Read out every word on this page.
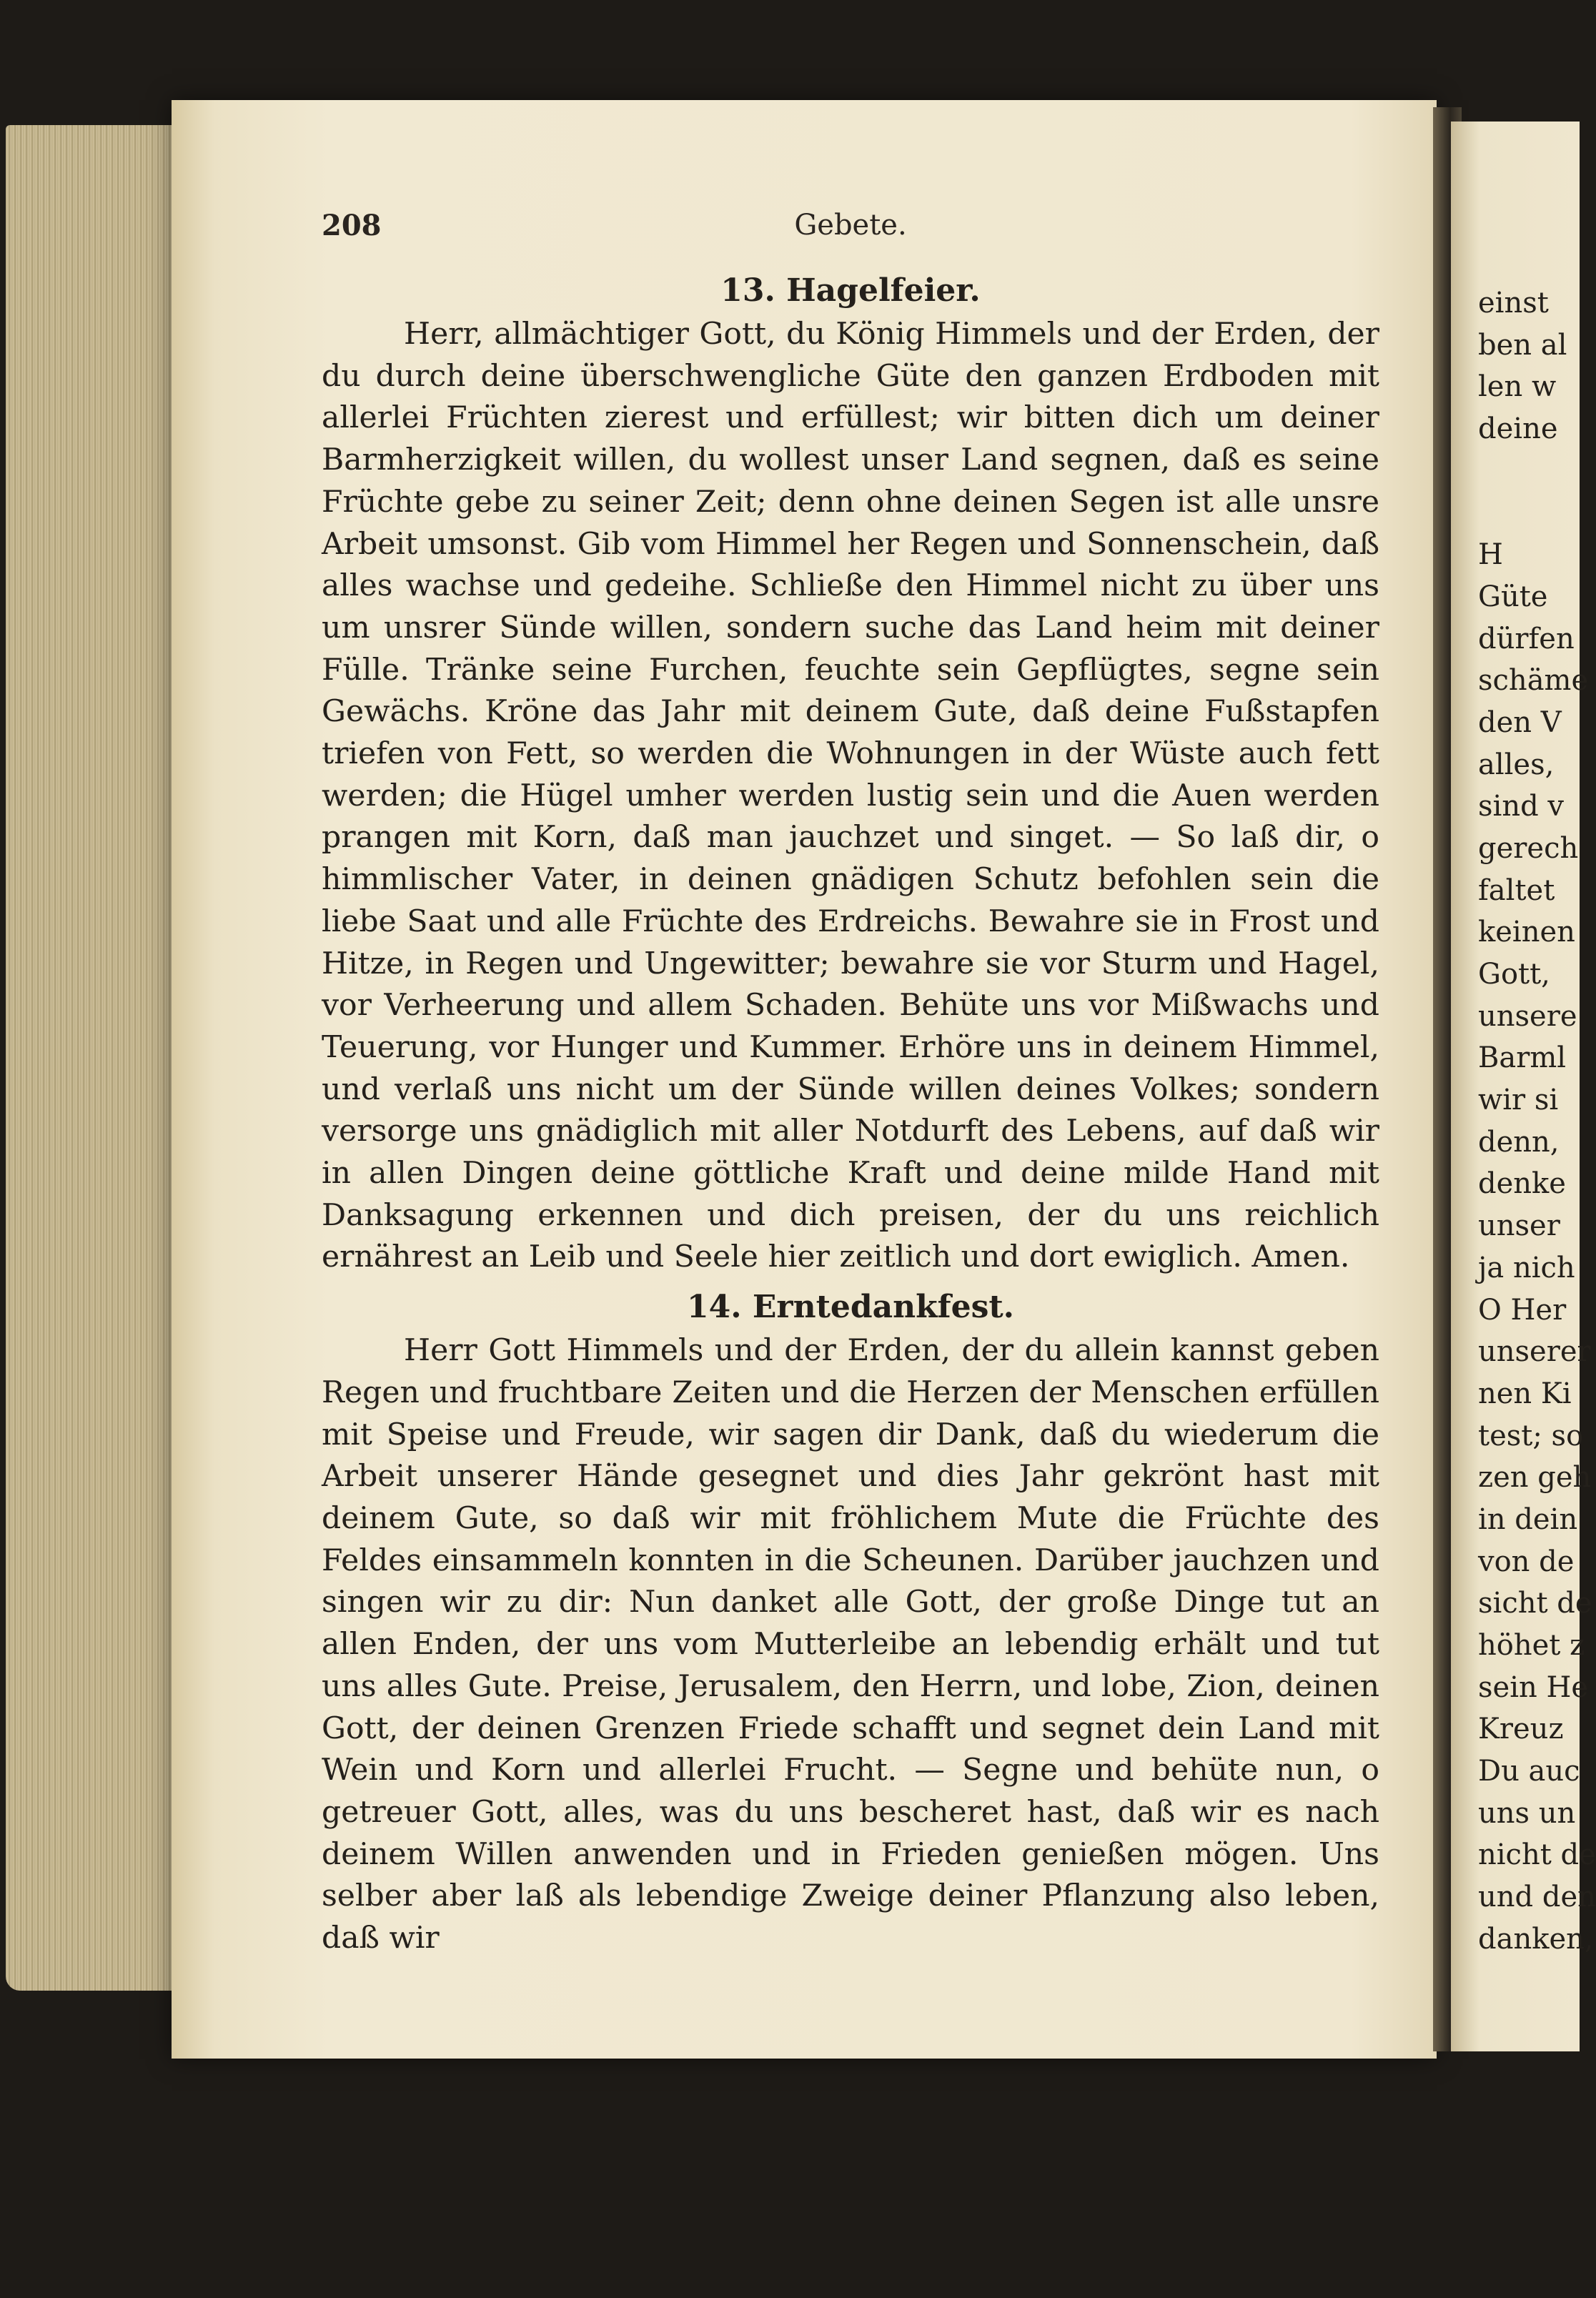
208	Gebete.
13. Hagelfeier.

Herr, allmächtiger Gott, du König Himmels und der Erden, der du durch deine überschwengliche Güte den ganzen Erdboden mit allerlei Früchten zierest und erfüllest; wir bitten dich um deiner Barmherzigkeit willen, du wollest unser Land segnen, daß es seine Früchte gebe zu seiner Zeit; denn ohne deinen Segen ist alle unsre Arbeit umsonst. Gib vom Himmel her Regen und Sonnenschein, daß alles wachse und gedeihe. Schließe den Himmel nicht zu über uns um unsrer Sünde willen, sondern suche das Land heim mit deiner Fülle. Tränke seine Furchen, feuchte sein Gepflügtes, segne sein Gewächs. Kröne das Jahr mit deinem Gute, daß deine Fußstapfen triefen von Fett, so werden die Wohnungen in der Wüste auch fett werden; die Hügel umher werden lustig sein und die Auen werden prangen mit Korn, daß man jauchzet und singet. — So laß dir, o himmlischer Vater, in deinen gnädigen Schutz befohlen sein die liebe Saat und alle Früchte des Erdreichs. Bewahre sie in Frost und Hitze, in Regen und Ungewitter; bewahre sie vor Sturm und Hagel, vor Verheerung und allem Schaden. Behüte uns vor Mißwachs und Teuerung, vor Hunger und Kummer. Erhöre uns in deinem Himmel, und verlaß uns nicht um der Sünde willen deines Volkes; sondern versorge uns gnädiglich mit aller Notdurft des Lebens, auf daß wir in allen Dingen deine göttliche Kraft und deine milde Hand mit Danksagung erkennen und dich preisen, der du uns reichlich ernährest an Leib und Seele hier zeitlich und dort ewiglich. Amen.

14. Erntedankfest.

Herr Gott Himmels und der Erden, der du allein kannst geben Regen und fruchtbare Zeiten und die Herzen der Menschen erfüllen mit Speise und Freude, wir sagen dir Dank, daß du wiederum die Arbeit unserer Hände gesegnet und dies Jahr gekrönt hast mit deinem Gute, so daß wir mit fröhlichem Mute die Früchte des Feldes einsammeln konnten in die Scheunen. Darüber jauchzen und singen wir zu dir: Nun danket alle Gott, der große Dinge tut an allen Enden, der uns vom Mutterleibe an lebendig erhält und tut uns alles Gute. Preise, Jerusalem, den Herrn, und lobe, Zion, deinen Gott, der deinen Grenzen Friede schafft und segnet dein Land mit Wein und Korn und allerlei Frucht. — Segne und behüte nun, o getreuer Gott, alles, was du uns bescheret hast, daß wir es nach deinem Willen anwenden und in Frieden genießen mögen. Uns selber aber laß als lebendige Zweige deiner Pflanzung also leben, daß wir

einst
ben al
len w
deine
H
Güte
dürfen
schäme
den V
alles,
sind v
gerech
faltet
keinen
Gott,
unsere
Barml
wir si
denn,
denke
unser
ja nich
O Her
unserer
nen Ki
test; so
zen geh
in dein
von de
sicht de
höhet z
sein He
Kreuz
Du auc
uns un
nicht de
und den
danken,
